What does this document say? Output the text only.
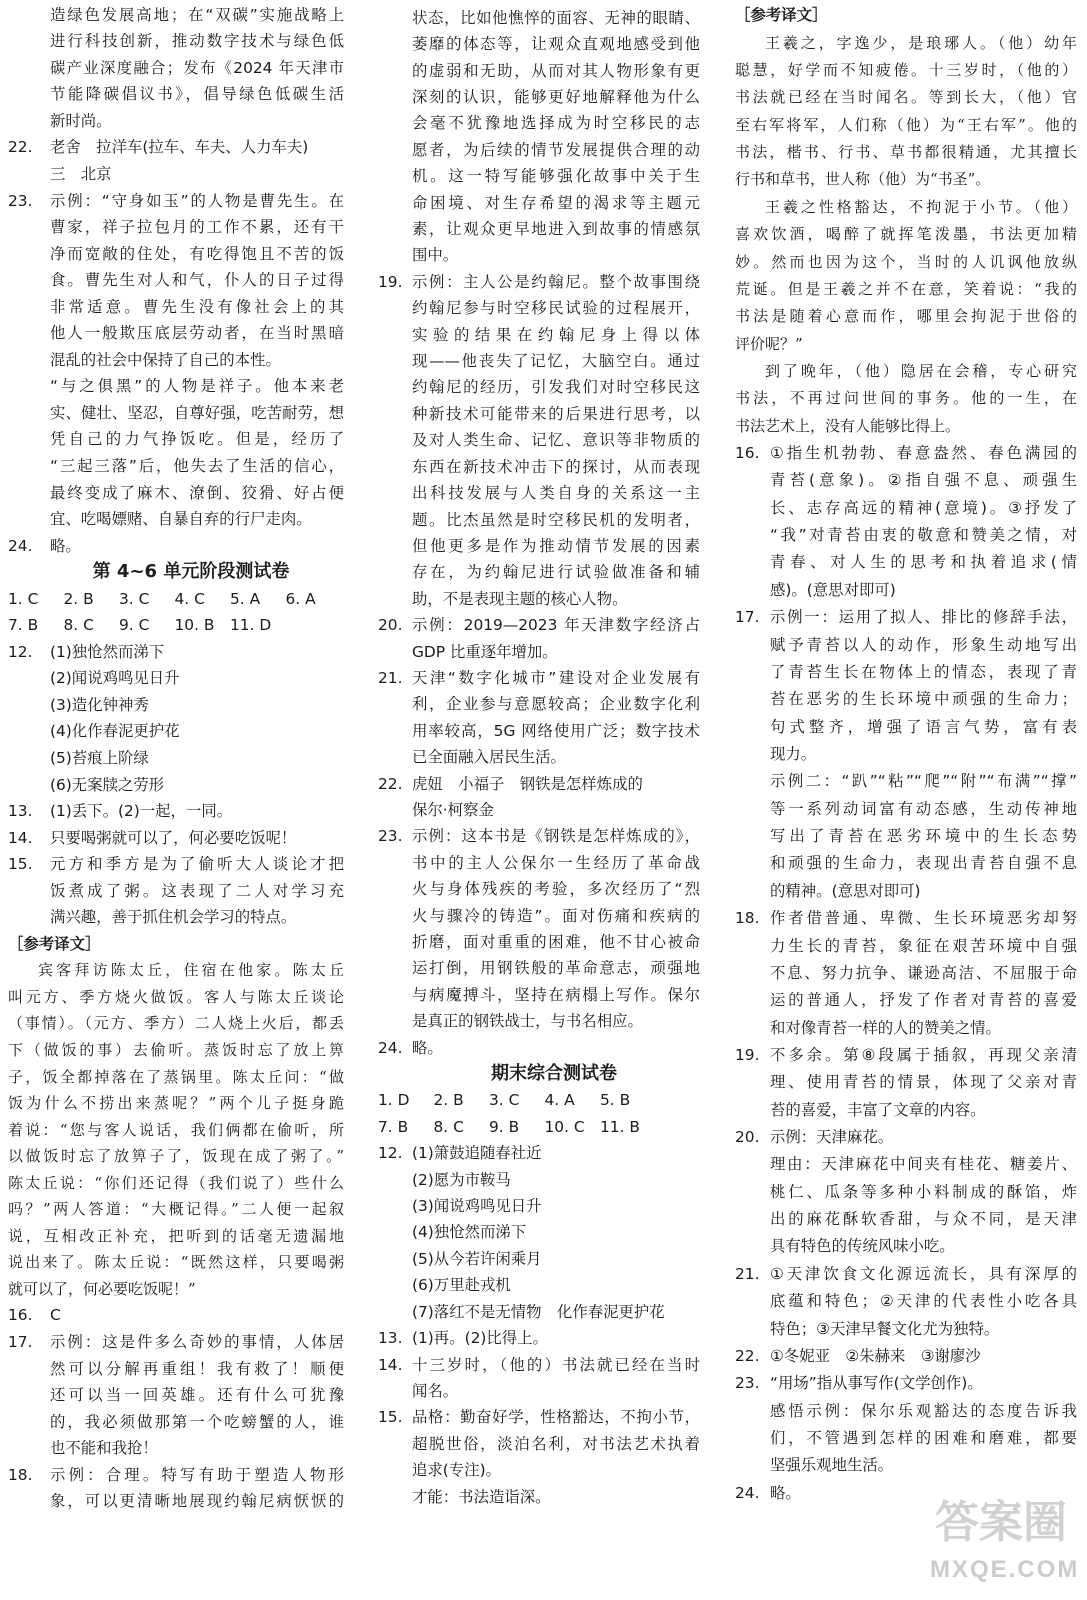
造绿色发展高地；在“双碳”实施战略上
进行科技创新，推动数字技术与绿色低
碳产业深度融合；发布《2024 年天津市
节能降碳倡议书》，倡导绿色低碳生活
新时尚。
22. 老舍　拉洋车(拉车、车夫、人力车夫)
三　北京
23. 示例：“守身如玉”的人物是曹先生。在
曹家，祥子拉包月的工作不累，还有干
净而宽敞的住处，有吃得饱且不苦的饭
食。曹先生对人和气，仆人的日子过得
非常适意。曹先生没有像社会上的其
他人一般欺压底层劳动者，在当时黑暗
混乱的社会中保持了自己的本性。
“与之俱黑”的人物是祥子。他本来老
实、健壮、坚忍，自尊好强，吃苦耐劳，想
凭自己的力气挣饭吃。但是，经历了
“三起三落”后，他失去了生活的信心，
最终变成了麻木、潦倒、狡猾、好占便
宜、吃喝嫖赌、自暴自弃的行尸走肉。
24. 略。
第 4~6 单元阶段测试卷
1. C 2. B 3. C 4. C 5. A 6. A
7. B 8. C 9. C 10. B 11. D
12. (1)独怆然而涕下
(2)闻说鸡鸣见日升
(3)造化钟神秀
(4)化作春泥更护花
(5)苔痕上阶绿
(6)无案牍之劳形
13. (1)丢下。(2)一起，一同。
14. 只要喝粥就可以了，何必要吃饭呢！
15. 元方和季方是为了偷听大人谈论才把
饭煮成了粥。这表现了二人对学习充
满兴趣，善于抓住机会学习的特点。
［参考译文］
宾客拜访陈太丘，住宿在他家。陈太丘
叫元方、季方烧火做饭。客人与陈太丘谈论
（事情）。（元方、季方）二人烧上火后，都丢
下（做饭的事）去偷听。蒸饭时忘了放上箅
子，饭全都掉落在了蒸锅里。陈太丘问：“做
饭为什么不捞出来蒸呢？”两个儿子挺身跪
着说：“您与客人说话，我们俩都在偷听，所
以做饭时忘了放箅子了，饭现在成了粥了。”
陈太丘说：“你们还记得（我们说了）些什么
吗？”两人答道：“大概记得。”二人便一起叙
说，互相改正补充，把听到的话毫无遗漏地
说出来了。陈太丘说：“既然这样，只要喝粥
就可以了，何必要吃饭呢！”
16. C
17. 示例：这是件多么奇妙的事情，人体居
然可以分解再重组！我有救了！顺便
还可以当一回英雄。还有什么可犹豫
的，我必须做那第一个吃螃蟹的人，谁
也不能和我抢！
18. 示例：合理。特写有助于塑造人物形
象，可以更清晰地展现约翰尼病恹恹的
状态，比如他憔悴的面容、无神的眼睛、
萎靡的体态等，让观众直观地感受到他
的虚弱和无助，从而对其人物形象有更
深刻的认识，能够更好地解释他为什么
会毫不犹豫地选择成为时空移民的志
愿者，为后续的情节发展提供合理的动
机。这一特写能够强化故事中关于生
命困境、对生存希望的渴求等主题元
素，让观众更早地进入到故事的情感氛
围中。
19. 示例：主人公是约翰尼。整个故事围绕
约翰尼参与时空移民试验的过程展开，
实验的结果在约翰尼身上得以体
现——他丧失了记忆，大脑空白。通过
约翰尼的经历，引发我们对时空移民这
种新技术可能带来的后果进行思考，以
及对人类生命、记忆、意识等非物质的
东西在新技术冲击下的探讨，从而表现
出科技发展与人类自身的关系这一主
题。比杰虽然是时空移民机的发明者，
但他更多是作为推动情节发展的因素
存在，为约翰尼进行试验做准备和辅
助，不是表现主题的核心人物。
20. 示例：2019—2023 年天津数字经济占
GDP 比重逐年增加。
21. 天津“数字化城市”建设对企业发展有
利，企业参与意愿较高；企业数字化利
用率较高，5G 网络使用广泛；数字技术
已全面融入居民生活。
22. 虎妞　小福子　钢铁是怎样炼成的
保尔·柯察金
23. 示例：这本书是《钢铁是怎样炼成的》，
书中的主人公保尔一生经历了革命战
火与身体残疾的考验，多次经历了“烈
火与骤冷的铸造”。面对伤痛和疾病的
折磨，面对重重的困难，他不甘心被命
运打倒，用钢铁般的革命意志，顽强地
与病魔搏斗，坚持在病榻上写作。保尔
是真正的钢铁战士，与书名相应。
24. 略。
期末综合测试卷
1. D 2. B 3. C 4. A 5. B
7. B 8. C 9. B 10. C 11. B
12. (1)箫鼓追随春社近
(2)愿为市鞍马
(3)闻说鸡鸣见日升
(4)独怆然而涕下
(5)从今若许闲乘月
(6)万里赴戎机
(7)落红不是无情物　化作春泥更护花
13. (1)再。(2)比得上。
14. 十三岁时，（他的）书法就已经在当时
闻名。
15. 品格：勤奋好学，性格豁达，不拘小节，
超脱世俗，淡泊名利，对书法艺术执着
追求(专注)。
才能：书法造诣深。
［参考译文］
王羲之，字逸少，是琅琊人。（他）幼年
聪慧，好学而不知疲倦。十三岁时，（他的）
书法就已经在当时闻名。等到长大，（他）官
至右军将军，人们称（他）为“王右军”。他的
书法，楷书、行书、草书都很精通，尤其擅长
行书和草书，世人称（他）为“书圣”。
王羲之性格豁达，不拘泥于小节。（他）
喜欢饮酒，喝醉了就挥笔泼墨，书法更加精
妙。然而也因为这个，当时的人讥讽他放纵
荒诞。但是王羲之并不在意，笑着说：“我的
书法是随着心意而作，哪里会拘泥于世俗的
评价呢？”
到了晚年，（他）隐居在会稽，专心研究
书法，不再过问世间的事务。他的一生，在
书法艺术上，没有人能够比得上。
16. ①指生机勃勃、春意盎然、春色满园的
青苔(意象)。②指自强不息、顽强生
长、志存高远的精神(意境)。③抒发了
“我”对青苔由衷的敬意和赞美之情，对
青春、对人生的思考和执着追求(情
感)。(意思对即可)
17. 示例一：运用了拟人、排比的修辞手法，
赋予青苔以人的动作，形象生动地写出
了青苔生长在物体上的情态，表现了青
苔在恶劣的生长环境中顽强的生命力；
句式整齐，增强了语言气势，富有表
现力。
示例二：“趴”“粘”“爬”“附”“布满”“撑”
等一系列动词富有动态感，生动传神地
写出了青苔在恶劣环境中的生长态势
和顽强的生命力，表现出青苔自强不息
的精神。(意思对即可)
18. 作者借普通、卑微、生长环境恶劣却努
力生长的青苔，象征在艰苦环境中自强
不息、努力抗争、谦逊高洁、不屈服于命
运的普通人，抒发了作者对青苔的喜爱
和对像青苔一样的人的赞美之情。
19. 不多余。第⑧段属于插叙，再现父亲清
理、使用青苔的情景，体现了父亲对青
苔的喜爱，丰富了文章的内容。
20. 示例：天津麻花。
理由：天津麻花中间夹有桂花、糖姜片、
桃仁、瓜条等多种小料制成的酥馅，炸
出的麻花酥软香甜，与众不同，是天津
具有特色的传统风味小吃。
21. ①天津饮食文化源远流长，具有深厚的
底蕴和特色；②天津的代表性小吃各具
特色；③天津早餐文化尤为独特。
22. ①冬妮亚　②朱赫来　③谢廖沙
23. “用场”指从事写作(文学创作)。
感悟示例：保尔乐观豁达的态度告诉我
们，不管遇到怎样的困难和磨难，都要
坚强乐观地生活。
24. 略。
答案圈
MXQE.COM
